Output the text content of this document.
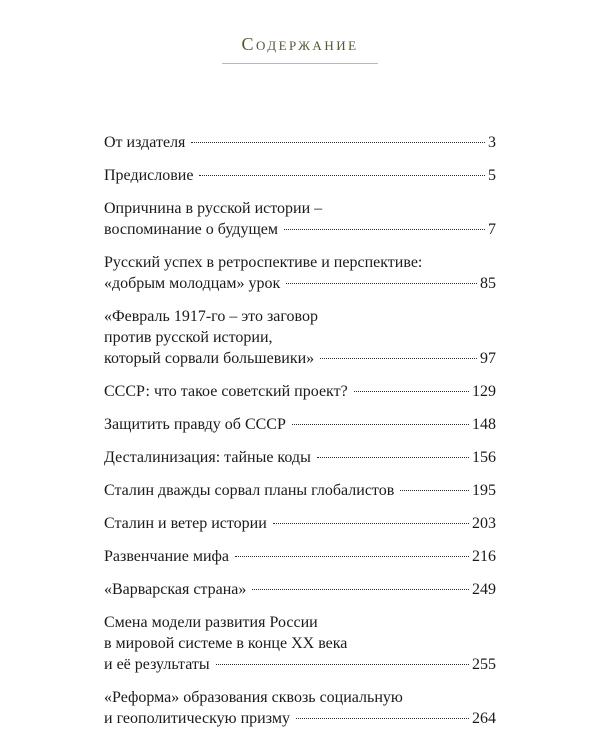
Содержание
От издателя	3
Предисловие	5
Опричнина в русской истории –
воспоминание о будущем	7
Русский успех в ретроспективе и перспективе:
«добрым молодцам» урок	85
«Февраль 1917-го – это заговор
против русской истории,
который сорвали большевики»	97
СССР: что такое советский проект?	129
Защитить правду об СССР	148
Десталинизация: тайные коды	156
Сталин дважды сорвал планы глобалистов	195
Сталин и ветер истории	203
Развенчание мифа	216
«Варварская страна»	249
Смена модели развития России
в мировой системе в конце XX века
и её результаты	255
«Реформа» образования сквозь социальную
и геополитическую призму	264
